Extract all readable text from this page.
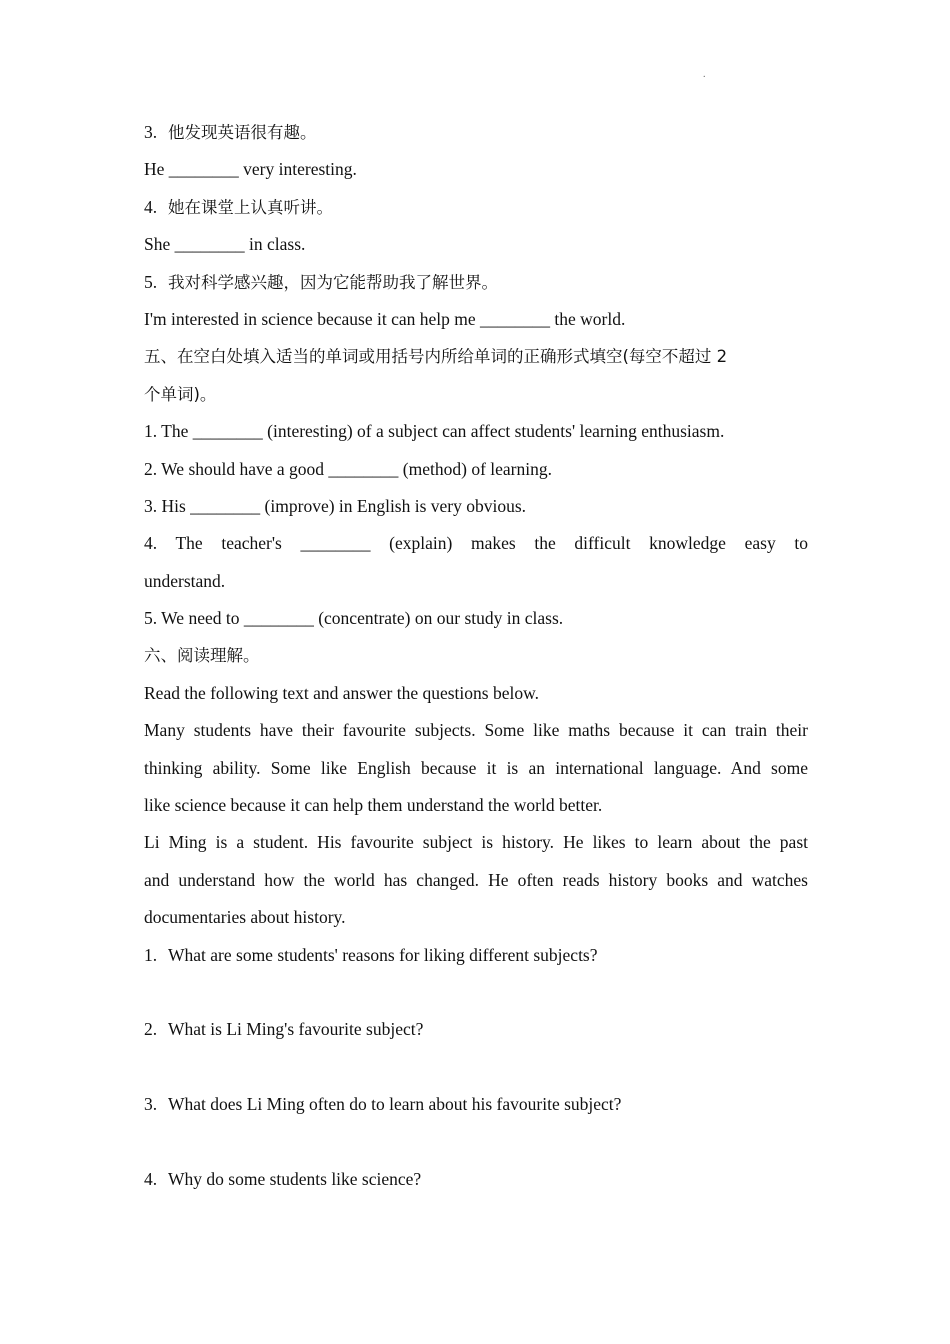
.
3. 他发现英语很有趣。
He ________ very interesting.
4. 她在课堂上认真听讲。
She ________ in class.
5. 我对科学感兴趣，因为它能帮助我了解世界。
I'm interested in science because it can help me ________ the world.
五、在空白处填入适当的单词或用括号内所给单词的正确形式填空(每空不超过 2
个单词)。
1. The ________ (interesting) of a subject can affect students' learning enthusiasm.
2. We should have a good ________ (method) of learning.
3. His ________ (improve) in English is very obvious.
4. The teacher's ________ (explain) makes the difficult knowledge easy to
understand.
5. We need to ________ (concentrate) on our study in class.
六、阅读理解。
Read the following text and answer the questions below.
Many students have their favourite subjects. Some like maths because it can train their
thinking ability. Some like English because it is an international language. And some
like science because it can help them understand the world better.
Li Ming is a student. His favourite subject is history. He likes to learn about the past
and understand how the world has changed. He often reads history books and watches
documentaries about history.
1. What are some students' reasons for liking different subjects?
2. What is Li Ming's favourite subject?
3. What does Li Ming often do to learn about his favourite subject?
4. Why do some students like science?
